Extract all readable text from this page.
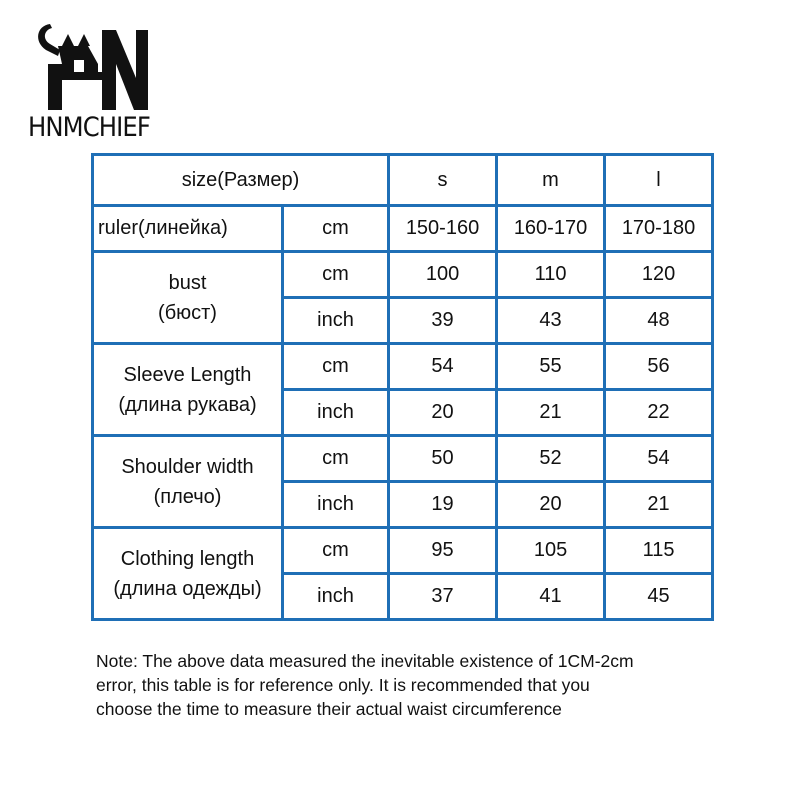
HNMCHIEF
size(Размер)		s	m	l
ruler(линейка)	cm	150-160	160-170	170-180

bust
(бюст)	cm	100	110	120
	inch	39	43	48

Sleeve Length
(длина рукава)	cm	54	55	56
	inch	20	21	22

Shoulder width
(плечо)	cm	50	52	54
	inch	19	20	21

Clothing length
(длина одежды)	cm	95	105	115
	inch	37	41	45
Note: The above data measured the inevitable existence of 1CM-2cm
error, this table is for reference only. It is recommended that you
choose the time to measure their actual waist circumference
